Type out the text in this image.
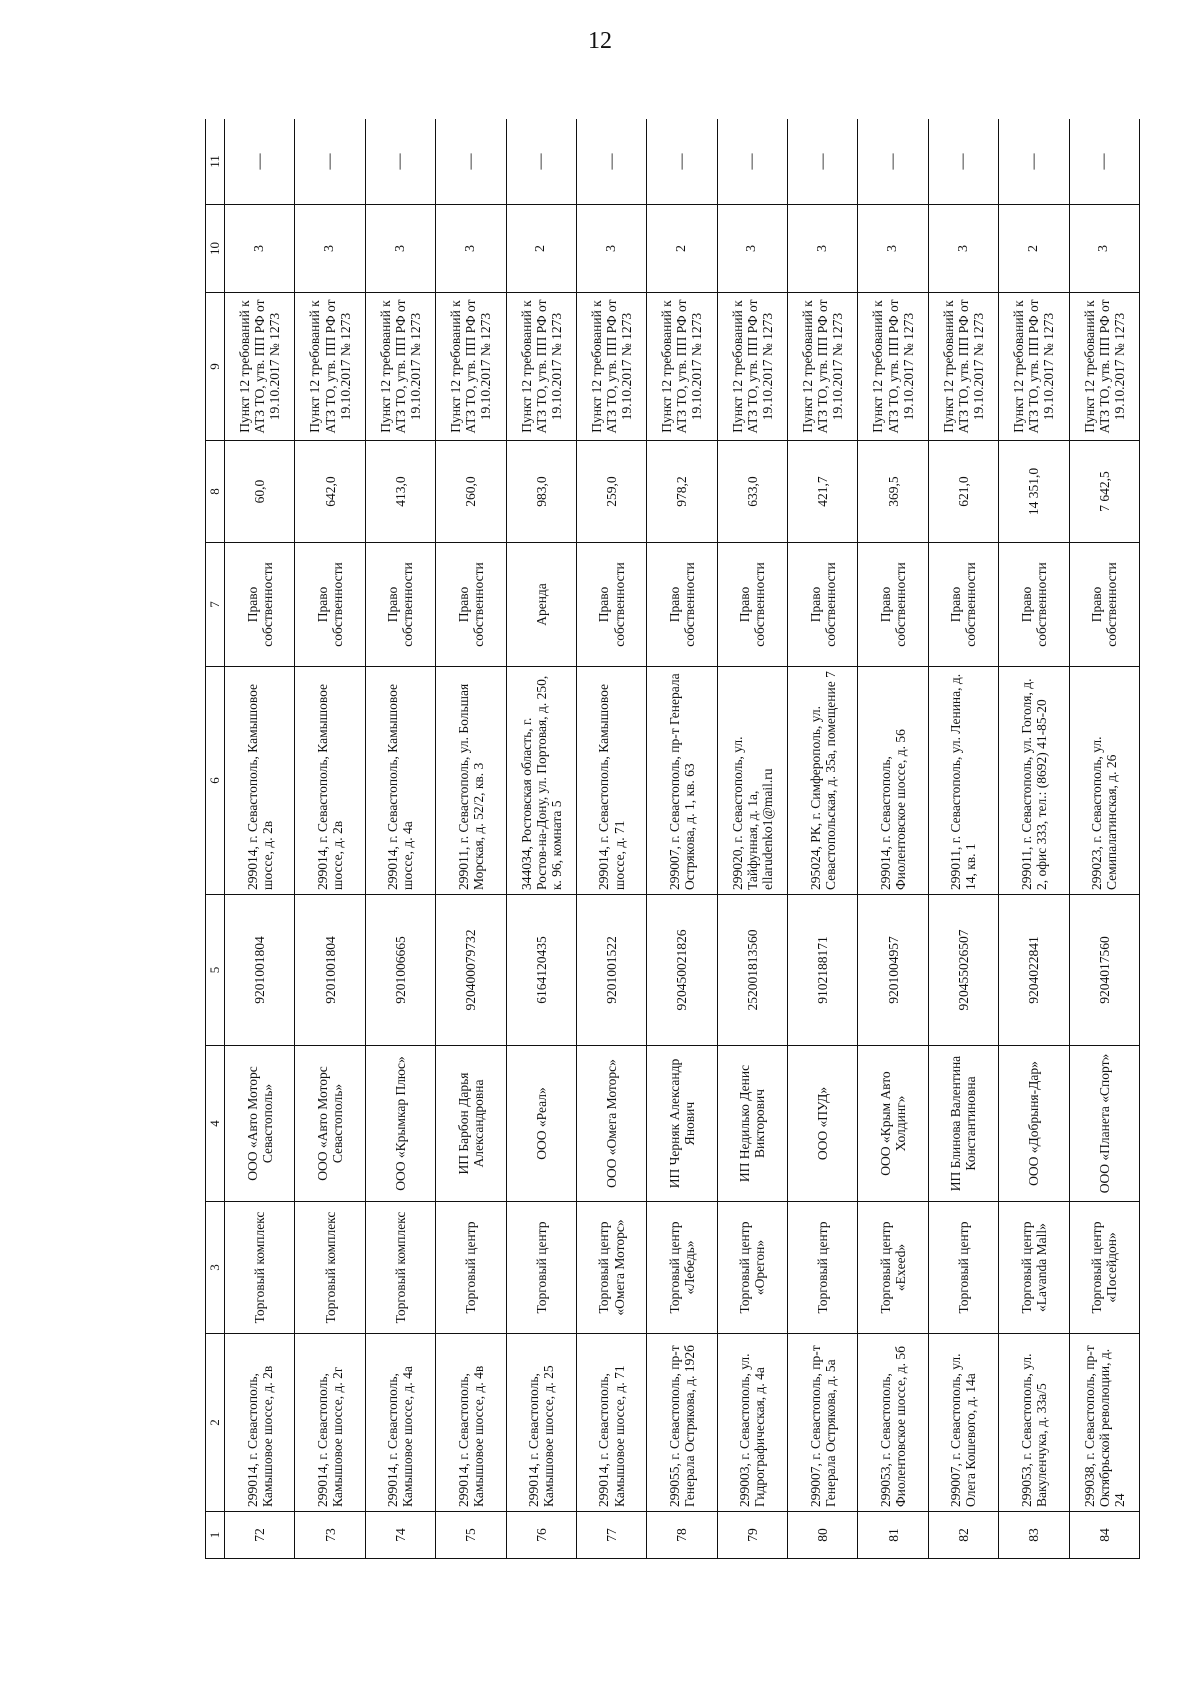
12
1	2	3	4	5	6	7	8	9	10	11
72	299014, г. Севастополь, Камышовое шоссе, д. 2в	Торговый комплекс	ООО «Авто Моторс Севастополь»	9201001804	299014, г. Севастополь, Камышовое шоссе, д. 2в	Право собственности	60,0	Пункт 12 требований к АТЗ ТО, утв. ПП РФ от 19.10.2017 № 1273	3	—
73	299014, г. Севастополь, Камышовое шоссе, д. 2г	Торговый комплекс	ООО «Авто Моторс Севастополь»	9201001804	299014, г. Севастополь, Камышовое шоссе, д. 2в	Право собственности	642,0	Пункт 12 требований к АТЗ ТО, утв. ПП РФ от 19.10.2017 № 1273	3	—
74	299014, г. Севастополь, Камышовое шоссе, д. 4а	Торговый комплекс	ООО «Крымкар Плюс»	9201006665	299014, г. Севастополь, Камышовое шоссе, д. 4а	Право собственности	413,0	Пункт 12 требований к АТЗ ТО, утв. ПП РФ от 19.10.2017 № 1273	3	—
75	299014, г. Севастополь, Камышовое шоссе, д. 4в	Торговый центр	ИП Барбон Дарья Александровна	920400079732	299011, г. Севастополь, ул. Большая Морская, д. 52/2, кв. 3	Право собственности	260,0	Пункт 12 требований к АТЗ ТО, утв. ПП РФ от 19.10.2017 № 1273	3	—
76	299014, г. Севастополь, Камышовое шоссе, д. 25	Торговый центр	ООО «Реал»	6164120435	344034, Ростовская область, г. Ростов-на-Дону, ул. Портовая, д. 250, к. 96, комната 5	Аренда	983,0	Пункт 12 требований к АТЗ ТО, утв. ПП РФ от 19.10.2017 № 1273	2	—
77	299014, г. Севастополь, Камышовое шоссе, д. 71	Торговый центр «Омега Моторс»	ООО «Омега Моторс»	9201001522	299014, г. Севастополь, Камышовое шоссе, д. 71	Право собственности	259,0	Пункт 12 требований к АТЗ ТО, утв. ПП РФ от 19.10.2017 № 1273	3	—
78	299055, г. Севастополь, пр-т Генерала Острякова, д. 192б	Торговый центр «Лебедь»	ИП Черняк Александр Янович	920450021826	299007, г. Севастополь, пр-т Генерала Острякова, д. 1, кв. 63	Право собственности	978,2	Пункт 12 требований к АТЗ ТО, утв. ПП РФ от 19.10.2017 № 1273	2	—
79	299003, г. Севастополь, ул. Гидрографическая, д. 4а	Торговый центр «Орегон»	ИП Недилько Денис Викторович	252001813560	299020, г. Севастополь, ул. Тайфунная, д. 1а, ellarudenko1@mail.ru	Право собственности	633,0	Пункт 12 требований к АТЗ ТО, утв. ПП РФ от 19.10.2017 № 1273	3	—
80	299007, г. Севастополь, пр-т Генерала Острякова, д. 5а	Торговый центр	ООО «ПУД»	9102188171	295024, РК, г. Симферополь, ул. Севастопольская, д. 35а, помещение 7	Право собственности	421,7	Пункт 12 требований к АТЗ ТО, утв. ПП РФ от 19.10.2017 № 1273	3	—
81	299053, г. Севастополь, Фиолентовское шоссе, д. 5б	Торговый центр «Exeed»	ООО «Крым Авто Холдинг»	9201004957	299014, г. Севастополь, Фиолентовское шоссе, д. 56	Право собственности	369,5	Пункт 12 требований к АТЗ ТО, утв. ПП РФ от 19.10.2017 № 1273	3	—
82	299007, г. Севастополь, ул. Олега Кошевого, д. 14а	Торговый центр	ИП Блинова Валентина Константиновна	920455026507	299011, г. Севастополь, ул. Ленина, д. 14, кв. 1	Право собственности	621,0	Пункт 12 требований к АТЗ ТО, утв. ПП РФ от 19.10.2017 № 1273	3	—
83	299053, г. Севастополь, ул. Вакуленчука, д. 33а/5	Торговый центр «Lavanda Mall»	ООО «Добрыня-Дар»	9204022841	299011, г. Севастополь, ул. Гоголя, д. 2, офис 333, тел.: (8692) 41-85-20	Право собственности	14 351,0	Пункт 12 требований к АТЗ ТО, утв. ПП РФ от 19.10.2017 № 1273	2	—
84	299038, г. Севастополь, пр-т Октябрьской революции, д. 24	Торговый центр «Посейдон»	ООО «Планета «Спорт»	9204017560	299023, г. Севастополь, ул. Семипалатинская, д. 26	Право собственности	7 642,5	Пункт 12 требований к АТЗ ТО, утв. ПП РФ от 19.10.2017 № 1273	3	—
